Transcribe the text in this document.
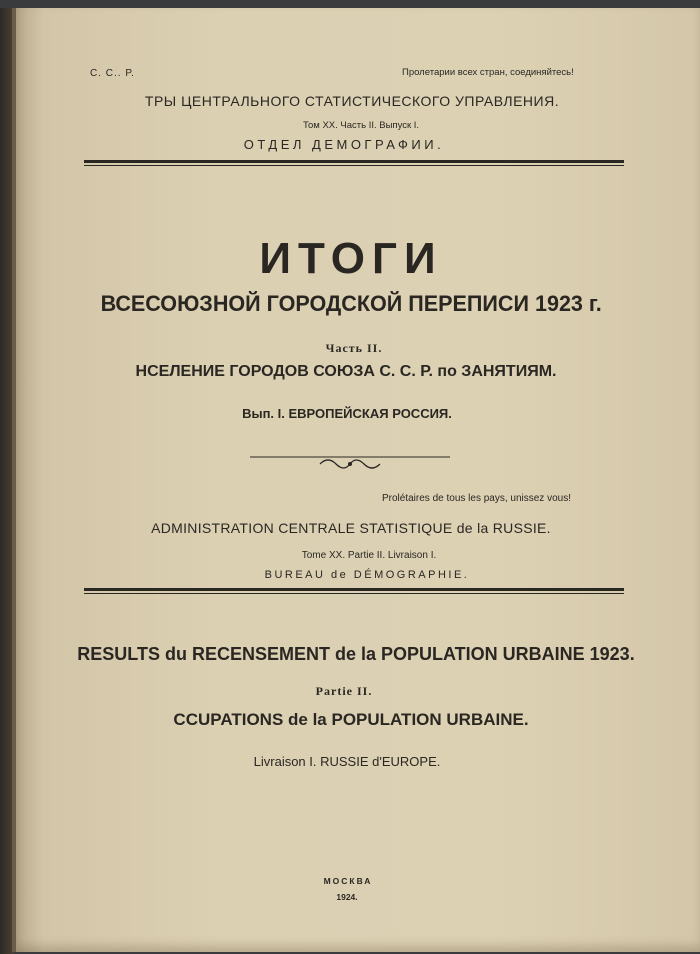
С. С.. Р.	Пролетарии всех стран, соединяйтесь!

ТРЫ ЦЕНТРАЛЬНОГО СТАТИСТИЧЕСКОГО УПРАВЛЕНИЯ.

Том XX. Часть II. Выпуск I.

ОТДЕЛ ДЕМОГРАФИИ.

ИТОГИ

ВСЕСОЮЗНОЙ ГОРОДСКОЙ ПЕРЕПИСИ 1923 г.

Часть II.

НСЕЛЕНИЕ ГОРОДОВ СОЮЗА С. С. Р. по ЗАНЯТИЯМ.

Вып. I. ЕВРОПЕЙСКАЯ РОССИЯ.

Prolétaires de tous les pays, unissez vous!

ADMINISTRATION CENTRALE STATISTIQUE de la RUSSIE.

Tome XX. Partie II. Livraison I.

BUREAU de DÉMOGRAPHIE.

RESULTS du RECENSEMENT de la POPULATION URBAINE 1923.

Partie II.

CCUPATIONS de la POPULATION URBAINE.

Livraison I. RUSSIE d'EUROPE.

МОСКВА

1924.
